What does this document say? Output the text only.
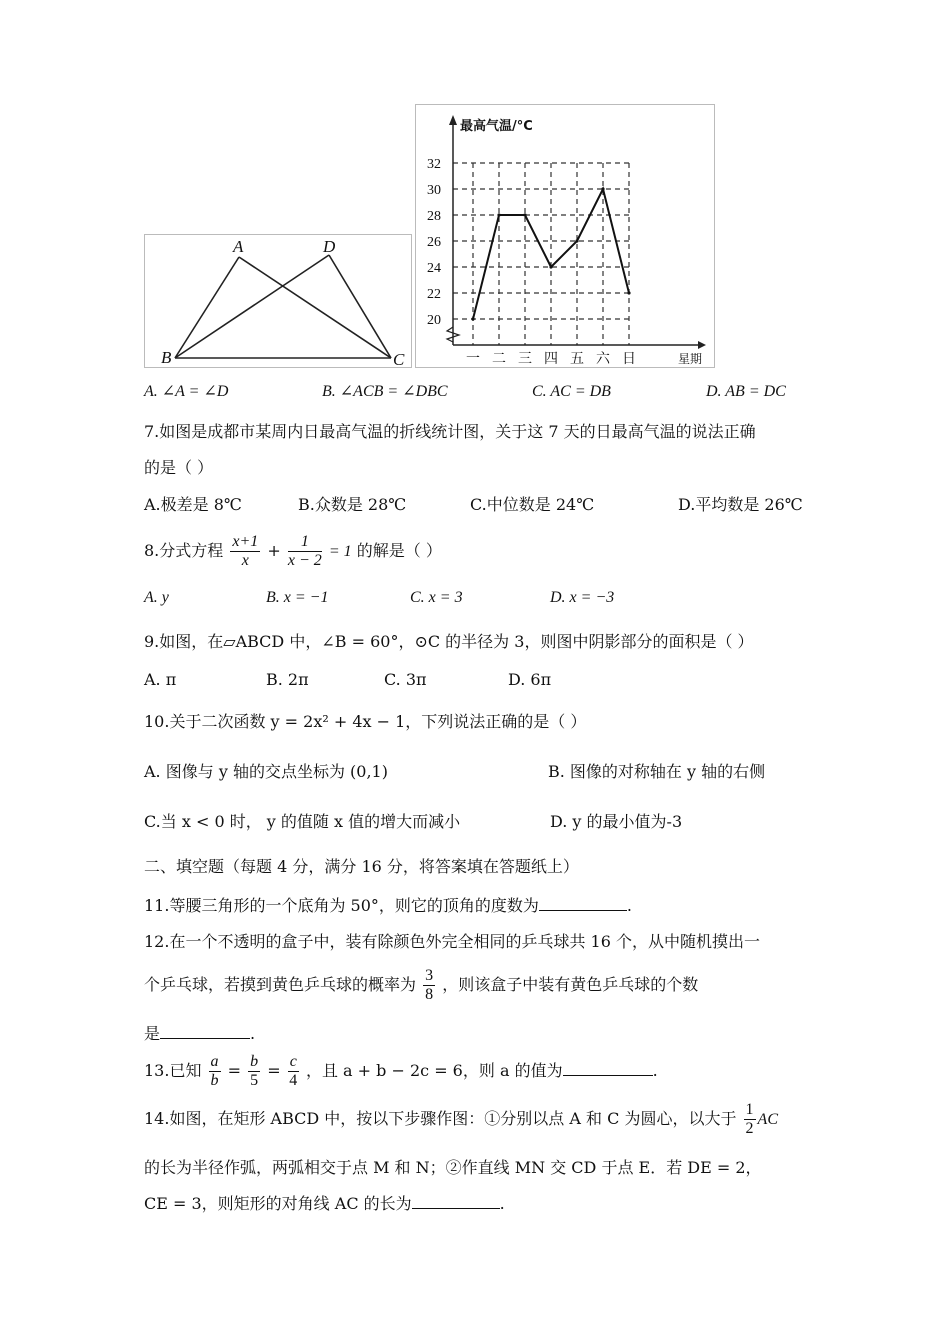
A	D
B	C
20
22
24
26
28
30
32
一 二 三 四 五 六 日
最高气温/°C
星期
A. ∠A = ∠D	B. ∠ACB = ∠DBC	C. AC = DB	D. AB = DC
7.如图是成都市某周内日最高气温的折线统计图，关于这 7 天的日最高气温的说法正确
的是（ ）
A.极差是 8℃	B.众数是 28℃	C.中位数是 24℃	D.平均数是 26℃
8.分式方程 $\frac{x+1}{x} + \frac{1}{x - 2} = 1$ 的解是（ ）
A. y	B. x = −1	C. x = 3	D. x = −3
9.如图，在▱ABCD 中，∠B = 60°，⊙C 的半径为 3，则图中阴影部分的面积是（ ）
A. π	B. 2π	C. 3π	D. 6π
10.关于二次函数 y = 2x² + 4x − 1，下列说法正确的是（ ）
A. 图像与 y 轴的交点坐标为 (0,1)	B. 图像的对称轴在 y 轴的右侧
C.当 x < 0 时， y 的值随 x 值的增大而减小	D. y 的最小值为-3
二、填空题（每题 4 分，满分 16 分，将答案填在答题纸上）
11.等腰三角形的一个底角为 50°，则它的顶角的度数为	.
12.在一个不透明的盒子中，装有除颜色外完全相同的乒乓球共 16 个，从中随机摸出一
个乒乓球，若摸到黄色乒乓球的概率为 $\frac{3}{8}$ ，则该盒子中装有黄色乒乓球的个数
是	.
13.已知 $\frac{a}{b} = \frac{b}{5} = \frac{c}{4}$ ，且 a + b − 2c = 6，则 a 的值为	.
14.如图，在矩形 ABCD 中，按以下步骤作图：①分别以点 A 和 C 为圆心，以大于 $\frac{1}{2}$ AC
的长为半径作弧，两弧相交于点 M 和 N；②作直线 MN 交 CD 于点 E．若 DE = 2，
CE = 3，则矩形的对角线 AC 的长为	.
